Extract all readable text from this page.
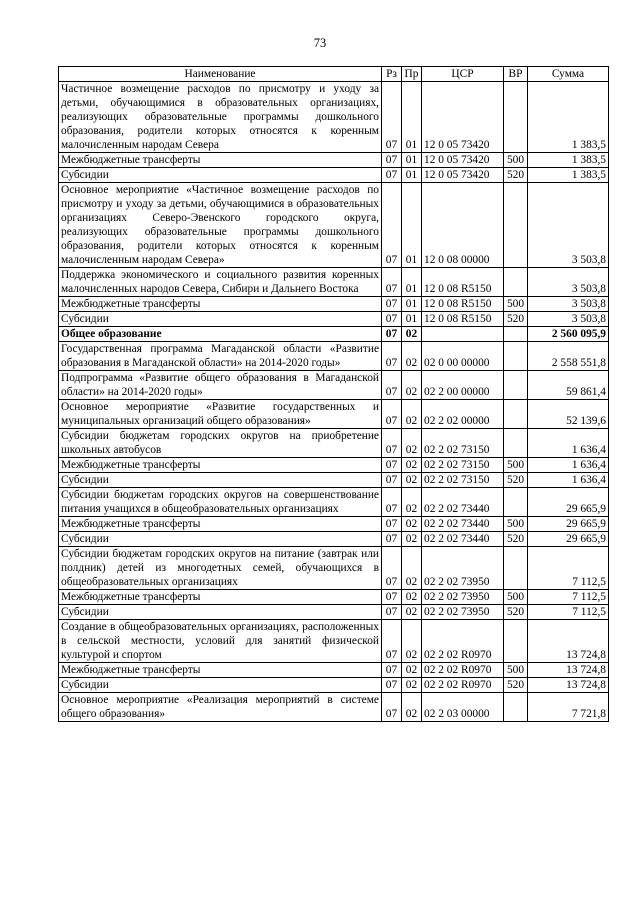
73
Наименование	Рз	Пр	ЦСР	ВР	Сумма
Частичное возмещение расходов по присмотру и уходу за детьми, обучающимися в образовательных организациях, реализующих образовательные программы дошкольного образования, родители которых относятся к коренным малочисленным народам Севера	07	01	12 0 05 73420		1 383,5
Межбюджетные трансферты	07	01	12 0 05 73420	500	1 383,5
Субсидии	07	01	12 0 05 73420	520	1 383,5
Основное мероприятие «Частичное возмещение расходов по присмотру и уходу за детьми, обучающимися в образовательных организациях Северо-Эвенского городского округа, реализующих образовательные программы дошкольного образования, родители которых относятся к коренным малочисленным народам Севера»	07	01	12 0 08 00000		3 503,8
Поддержка экономического и социального развития коренных малочисленных народов Севера, Сибири и Дальнего Востока	07	01	12 0 08 R5150		3 503,8
Межбюджетные трансферты	07	01	12 0 08 R5150	500	3 503,8
Субсидии	07	01	12 0 08 R5150	520	3 503,8
Общее образование	07	02			2 560 095,9
Государственная программа Магаданской области «Развитие образования в Магаданской области» на 2014-2020 годы»	07	02	02 0 00 00000		2 558 551,8
Подпрограмма «Развитие общего образования в Магаданской области» на 2014-2020 годы»	07	02	02 2 00 00000		59 861,4
Основное мероприятие «Развитие государственных и муниципальных организаций общего образования»	07	02	02 2 02 00000		52 139,6
Субсидии бюджетам городских округов на приобретение школьных автобусов	07	02	02 2 02 73150		1 636,4
Межбюджетные трансферты	07	02	02 2 02 73150	500	1 636,4
Субсидии	07	02	02 2 02 73150	520	1 636,4
Субсидии бюджетам городских округов на совершенствование питания учащихся в общеобразовательных организациях	07	02	02 2 02 73440		29 665,9
Межбюджетные трансферты	07	02	02 2 02 73440	500	29 665,9
Субсидии	07	02	02 2 02 73440	520	29 665,9
Субсидии бюджетам городских округов на питание (завтрак или полдник) детей из многодетных семей, обучающихся в общеобразовательных организациях	07	02	02 2 02 73950		7 112,5
Межбюджетные трансферты	07	02	02 2 02 73950	500	7 112,5
Субсидии	07	02	02 2 02 73950	520	7 112,5
Создание в общеобразовательных организациях, расположенных в сельской местности, условий для занятий физической культурой и спортом	07	02	02 2 02 R0970		13 724,8
Межбюджетные трансферты	07	02	02 2 02 R0970	500	13 724,8
Субсидии	07	02	02 2 02 R0970	520	13 724,8
Основное мероприятие «Реализация мероприятий в системе общего образования»	07	02	02 2 03 00000		7 721,8
